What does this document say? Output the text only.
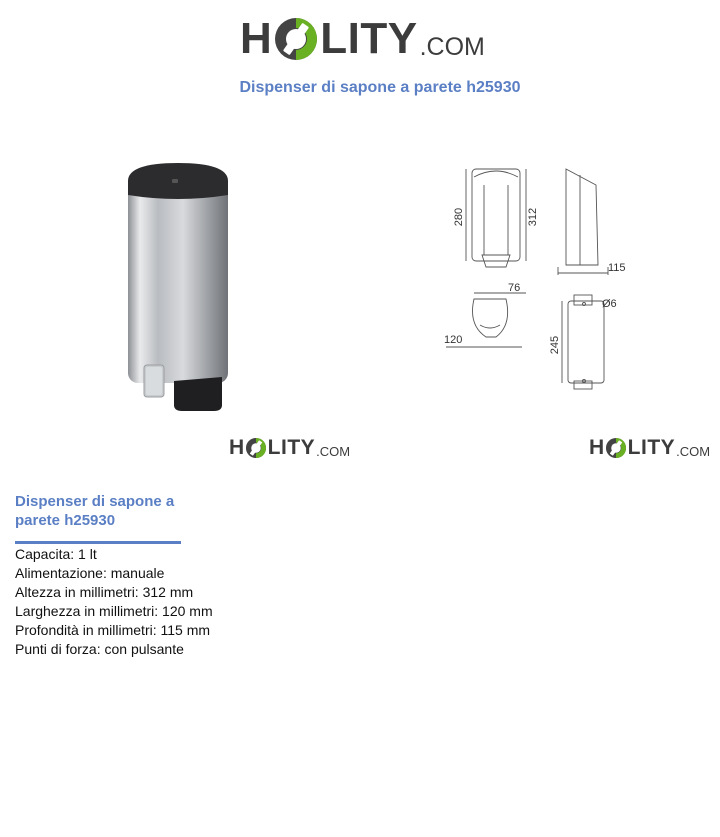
H LITY .COM
Dispenser di sapone a parete h25930
280	312
115
76
120	245
Ø6
H LITY .COM	H LITY .COM
Dispenser di sapone a parete h25930
Capacita: 1 lt
Alimentazione: manuale
Altezza in millimetri: 312 mm
Larghezza in millimetri: 120 mm
Profondità in millimetri: 115 mm
Punti di forza: con pulsante
